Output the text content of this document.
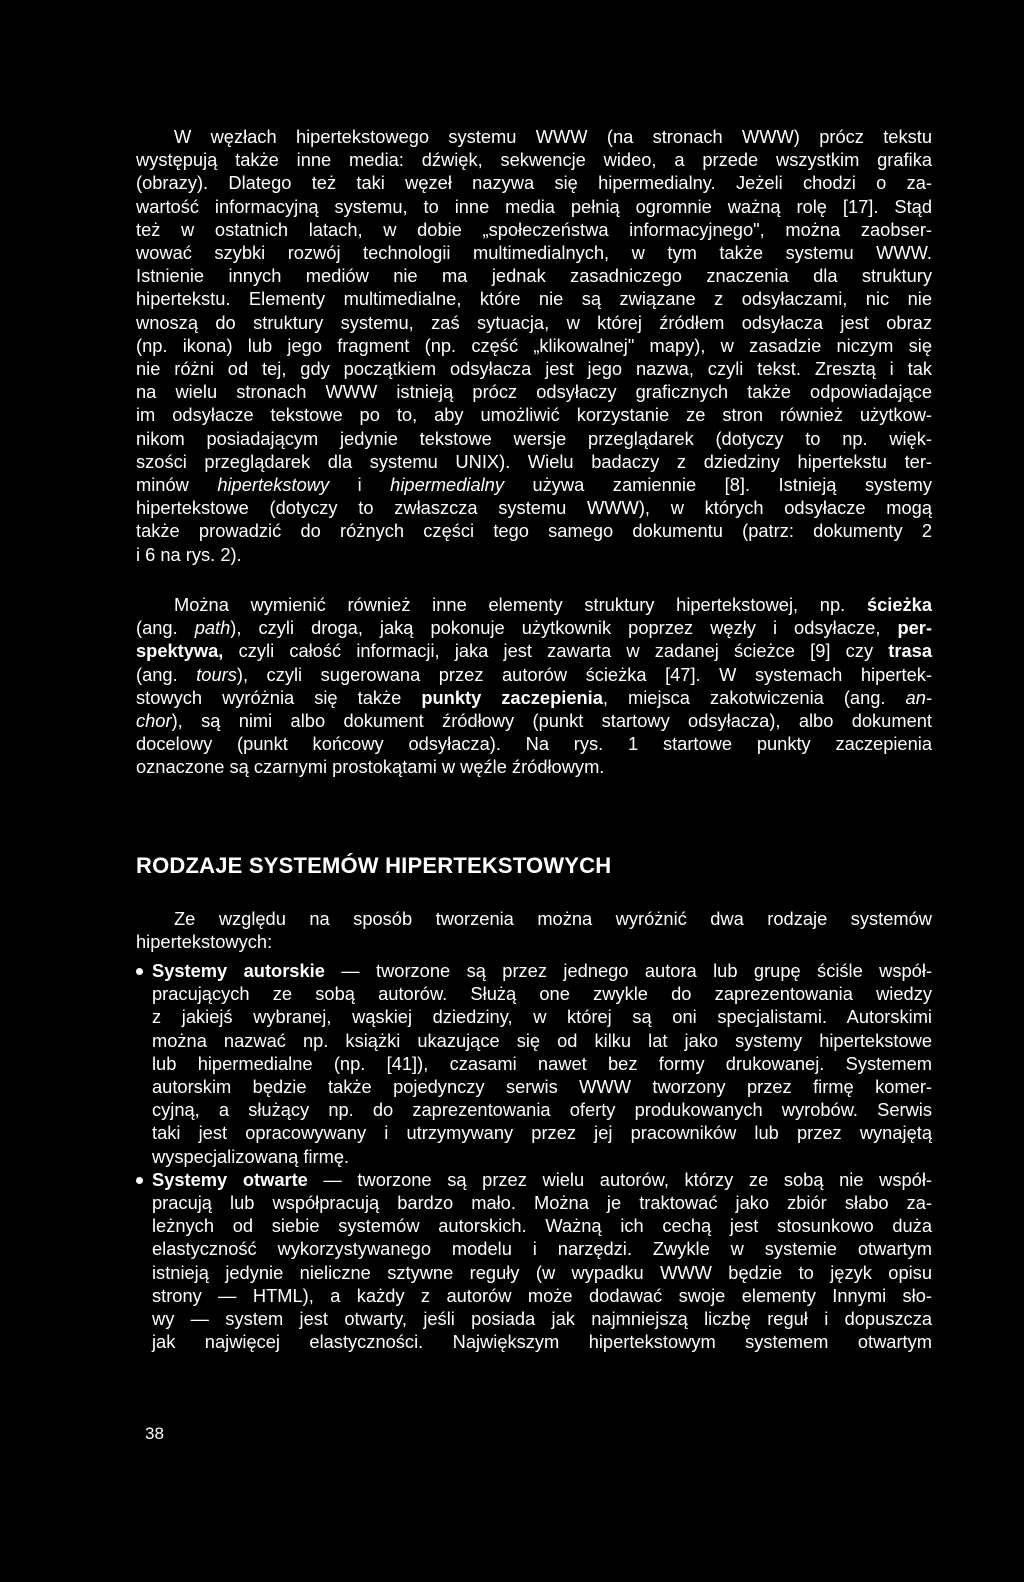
W węzłach hipertekstowego systemu WWW (na stronach WWW) prócz tekstu
występują także inne media: dźwięk, sekwencje wideo, a przede wszystkim grafika
(obrazy). Dlatego też taki węzeł nazywa się hipermedialny. Jeżeli chodzi o za-
wartość informacyjną systemu, to inne media pełnią ogromnie ważną rolę [17]. Stąd
też w ostatnich latach, w dobie „społeczeństwa informacyjnego", można zaobser-
wować szybki rozwój technologii multimedialnych, w tym także systemu WWW.
Istnienie innych mediów nie ma jednak zasadniczego znaczenia dla struktury
hipertekstu. Elementy multimedialne, które nie są związane z odsyłaczami, nic nie
wnoszą do struktury systemu, zaś sytuacja, w której źródłem odsyłacza jest obraz
(np. ikona) lub jego fragment (np. część „klikowalnej" mapy), w zasadzie niczym się
nie różni od tej, gdy początkiem odsyłacza jest jego nazwa, czyli tekst. Zresztą i tak
na wielu stronach WWW istnieją prócz odsyłaczy graficznych także odpowiadające
im odsyłacze tekstowe po to, aby umożliwić korzystanie ze stron również użytkow-
nikom posiadającym jedynie tekstowe wersje przeglądarek (dotyczy to np. więk-
szości przeglądarek dla systemu UNIX). Wielu badaczy z dziedziny hipertekstu ter-
minów hipertekstowy i hipermedialny używa zamiennie [8]. Istnieją systemy
hipertekstowe (dotyczy to zwłaszcza systemu WWW), w których odsyłacze mogą
także prowadzić do różnych części tego samego dokumentu (patrz: dokumenty 2
i 6 na rys. 2).
Można wymienić również inne elementy struktury hipertekstowej, np. ścieżka
(ang. path), czyli droga, jaką pokonuje użytkownik poprzez węzły i odsyłacze, per-
spektywa, czyli całość informacji, jaka jest zawarta w zadanej ścieżce [9] czy trasa
(ang. tours), czyli sugerowana przez autorów ścieżka [47]. W systemach hipertek-
stowych wyróżnia się także punkty zaczepienia, miejsca zakotwiczenia (ang. an-
chor), są nimi albo dokument źródłowy (punkt startowy odsyłacza), albo dokument
docelowy (punkt końcowy odsyłacza). Na rys. 1 startowe punkty zaczepienia
oznaczone są czarnymi prostokątami w węźle źródłowym.
RODZAJE SYSTEMÓW HIPERTEKSTOWYCH
Ze względu na sposób tworzenia można wyróżnić dwa rodzaje systemów
hipertekstowych:
Systemy autorskie — tworzone są przez jednego autora lub grupę ściśle współ-
pracujących ze sobą autorów. Służą one zwykle do zaprezentowania wiedzy
z jakiejś wybranej, wąskiej dziedziny, w której są oni specjalistami. Autorskimi
można nazwać np. książki ukazujące się od kilku lat jako systemy hipertekstowe
lub hipermedialne (np. [41]), czasami nawet bez formy drukowanej. Systemem
autorskim będzie także pojedynczy serwis WWW tworzony przez firmę komer-
cyjną, a służący np. do zaprezentowania oferty produkowanych wyrobów. Serwis
taki jest opracowywany i utrzymywany przez jej pracowników lub przez wynajętą
wyspecjalizowaną firmę.
Systemy otwarte — tworzone są przez wielu autorów, którzy ze sobą nie współ-
pracują lub współpracują bardzo mało. Można je traktować jako zbiór słabo za-
leżnych od siebie systemów autorskich. Ważną ich cechą jest stosunkowo duża
elastyczność wykorzystywanego modelu i narzędzi. Zwykle w systemie otwartym
istnieją jedynie nieliczne sztywne reguły (w wypadku WWW będzie to język opisu
strony — HTML), a każdy z autorów może dodawać swoje elementy Innymi sło-
wy — system jest otwarty, jeśli posiada jak najmniejszą liczbę reguł i dopuszcza
jak najwięcej elastyczności. Największym hipertekstowym systemem otwartym
38
